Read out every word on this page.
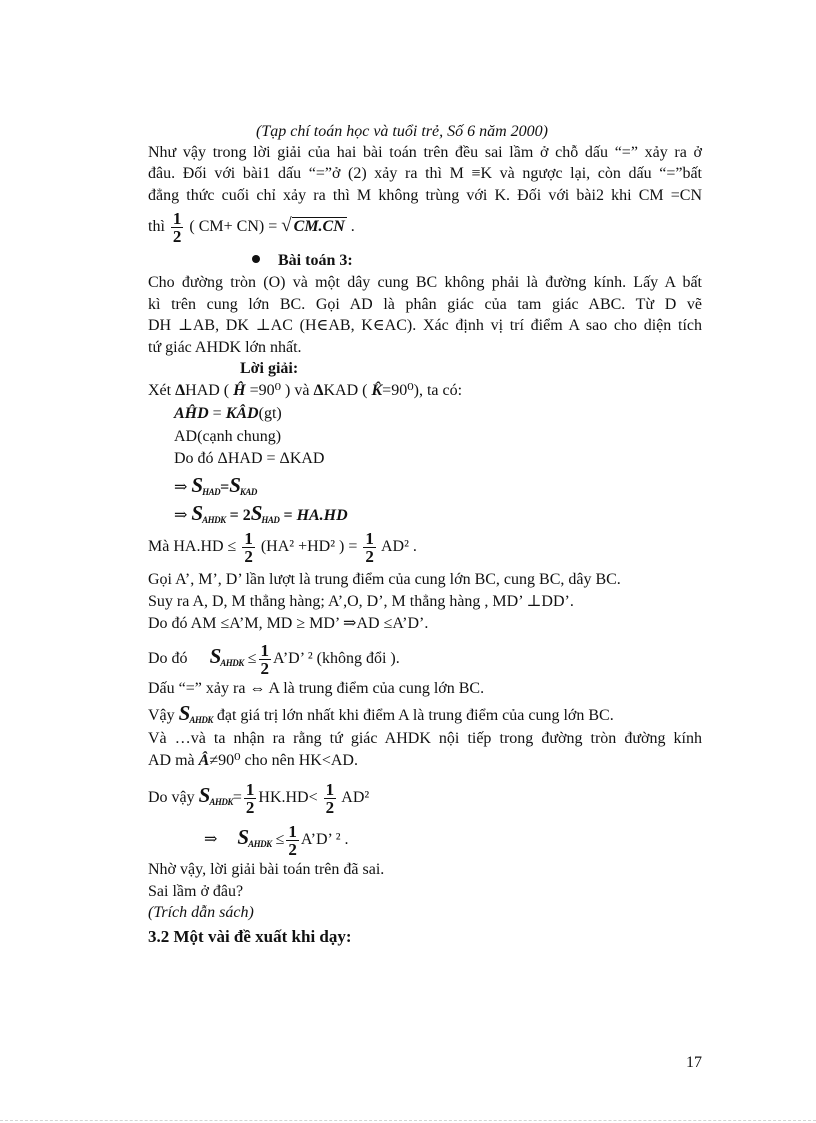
(Tạp chí toán học và tuổi trẻ, Số 6 năm 2000)
Như vậy trong lời giải của hai bài toán trên đều sai lầm ở chỗ dấu “=” xảy ra ở
đâu. Đối với bài1 dấu “=”ở (2) xảy ra thì M ≡K và ngược lại, còn dấu “=”bất
đẳng thức cuối chỉ xảy ra thì M không trùng với K. Đối với bài2 khi CM =CN
thì $\frac{1}{2}$ ( CM+ CN) = √ CM.CN .
Bài toán 3:
Cho đường tròn (O) và một dây cung BC không phải là đường kính. Lấy A bất
kì trên cung lớn BC. Gọi AD là phân giác của tam giác ABC. Từ D vẽ
DH ⊥AB, DK ⊥AC (H∈AB, K∈AC). Xác định vị trí điểm A sao cho diện tích
tứ giác AHDK lớn nhất.
Lời giải:
Xét ΔHAD ( Ĥ =90⁰ ) và ΔKAD ( K̂=90⁰), ta có:
AĤD = KÂD(gt)
AD(cạnh chung)
Do đó ΔHAD = ΔKAD
⇒ $S_{HAD}=S_{KAD}$
⇒ $S_{AHDK} = 2S_{HAD} = HA.HD$
Mà $HA.HD \le \frac{1}{2} (HA^2 +HD^2$ ) = $\frac{1}{2} AD^2$ .
Gọi A’, M’, D’ lần lượt là trung điểm của cung lớn BC, cung BC, dây BC.
Suy ra A, D, M thẳng hàng; A’,O, D’, M thẳng hàng , MD’ ⊥DD’.
Do đó AM ≤A’M, MD ≥ MD’ ⇒AD ≤A’D’.
Do đó $S_{AHDK} \le \frac{1}{2}$ A’D’ ² (không đổi ).
Dấu “=” xảy ra ⇔ A là trung điểm của cung lớn BC.
Vậy $S_{AHDK}$ đạt giá trị lớn nhất khi điểm A là trung điểm của cung lớn BC.
Và …và ta nhận ra rằng tứ giác AHDK nội tiếp trong đường tròn đường kính
AD mà Â≠90⁰ cho nên HK<AD.
Do vậy $S_{AHDK}= \frac{1}{2} HK.HD< \frac{1}{2} AD^2$
⇒ $S_{AHDK} \le \frac{1}{2}$ A’D’ ² .
Nhờ vậy, lời giải bài toán trên đã sai.
Sai lầm ở đâu?
(Trích dẫn sách)
3.2 Một vài đề xuất khi dạy:
17
